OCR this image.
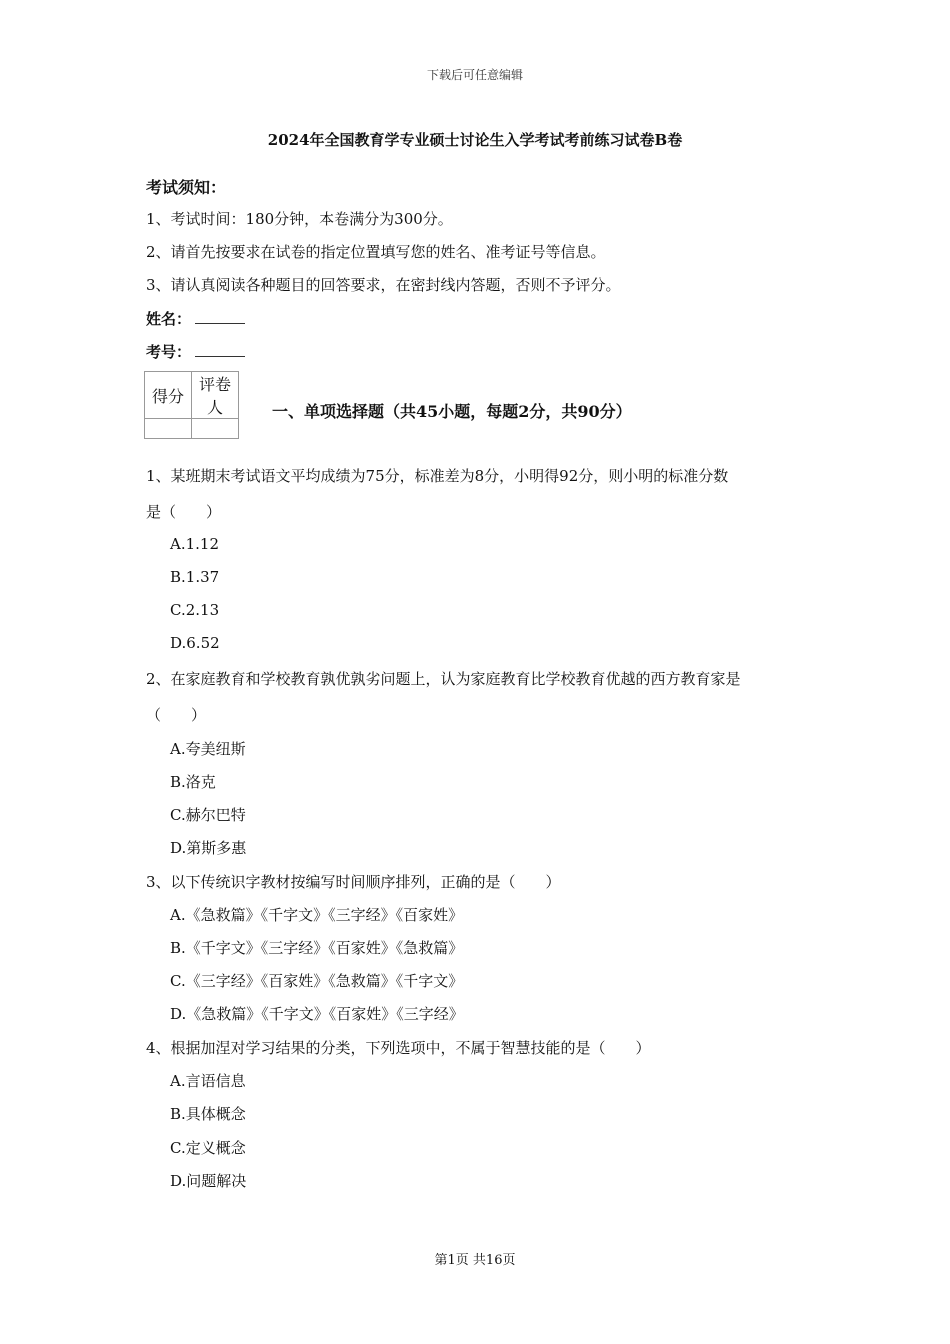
下载后可任意编辑
2024年全国教育学专业硕士讨论生入学考试考前练习试卷B卷
考试须知：
1、考试时间：180分钟，本卷满分为300分。
2、请首先按要求在试卷的指定位置填写您的姓名、准考证号等信息。
3、请认真阅读各种题目的回答要求，在密封线内答题，否则不予评分。
姓名：
考号：
得分	评卷人
		一、单项选择题（共45小题，每题2分，共90分）
1、某班期末考试语文平均成绩为75分，标准差为8分，小明得92分，则小明的标准分数
是（　　）
A.1.12
B.1.37
C.2.13
D.6.52
2、在家庭教育和学校教育孰优孰劣问题上，认为家庭教育比学校教育优越的西方教育家是
（　　）
A.夸美纽斯
B.洛克
C.赫尔巴特
D.第斯多惠
3、以下传统识字教材按编写时间顺序排列，正确的是（　　）
A.《急救篇》《千字文》《三字经》《百家姓》
B.《千字文》《三字经》《百家姓》《急救篇》
C.《三字经》《百家姓》《急救篇》《千字文》
D.《急救篇》《千字文》《百家姓》《三字经》
4、根据加涅对学习结果的分类，下列选项中，不属于智慧技能的是（　　）
A.言语信息
B.具体概念
C.定义概念
D.问题解决
第1页 共16页
